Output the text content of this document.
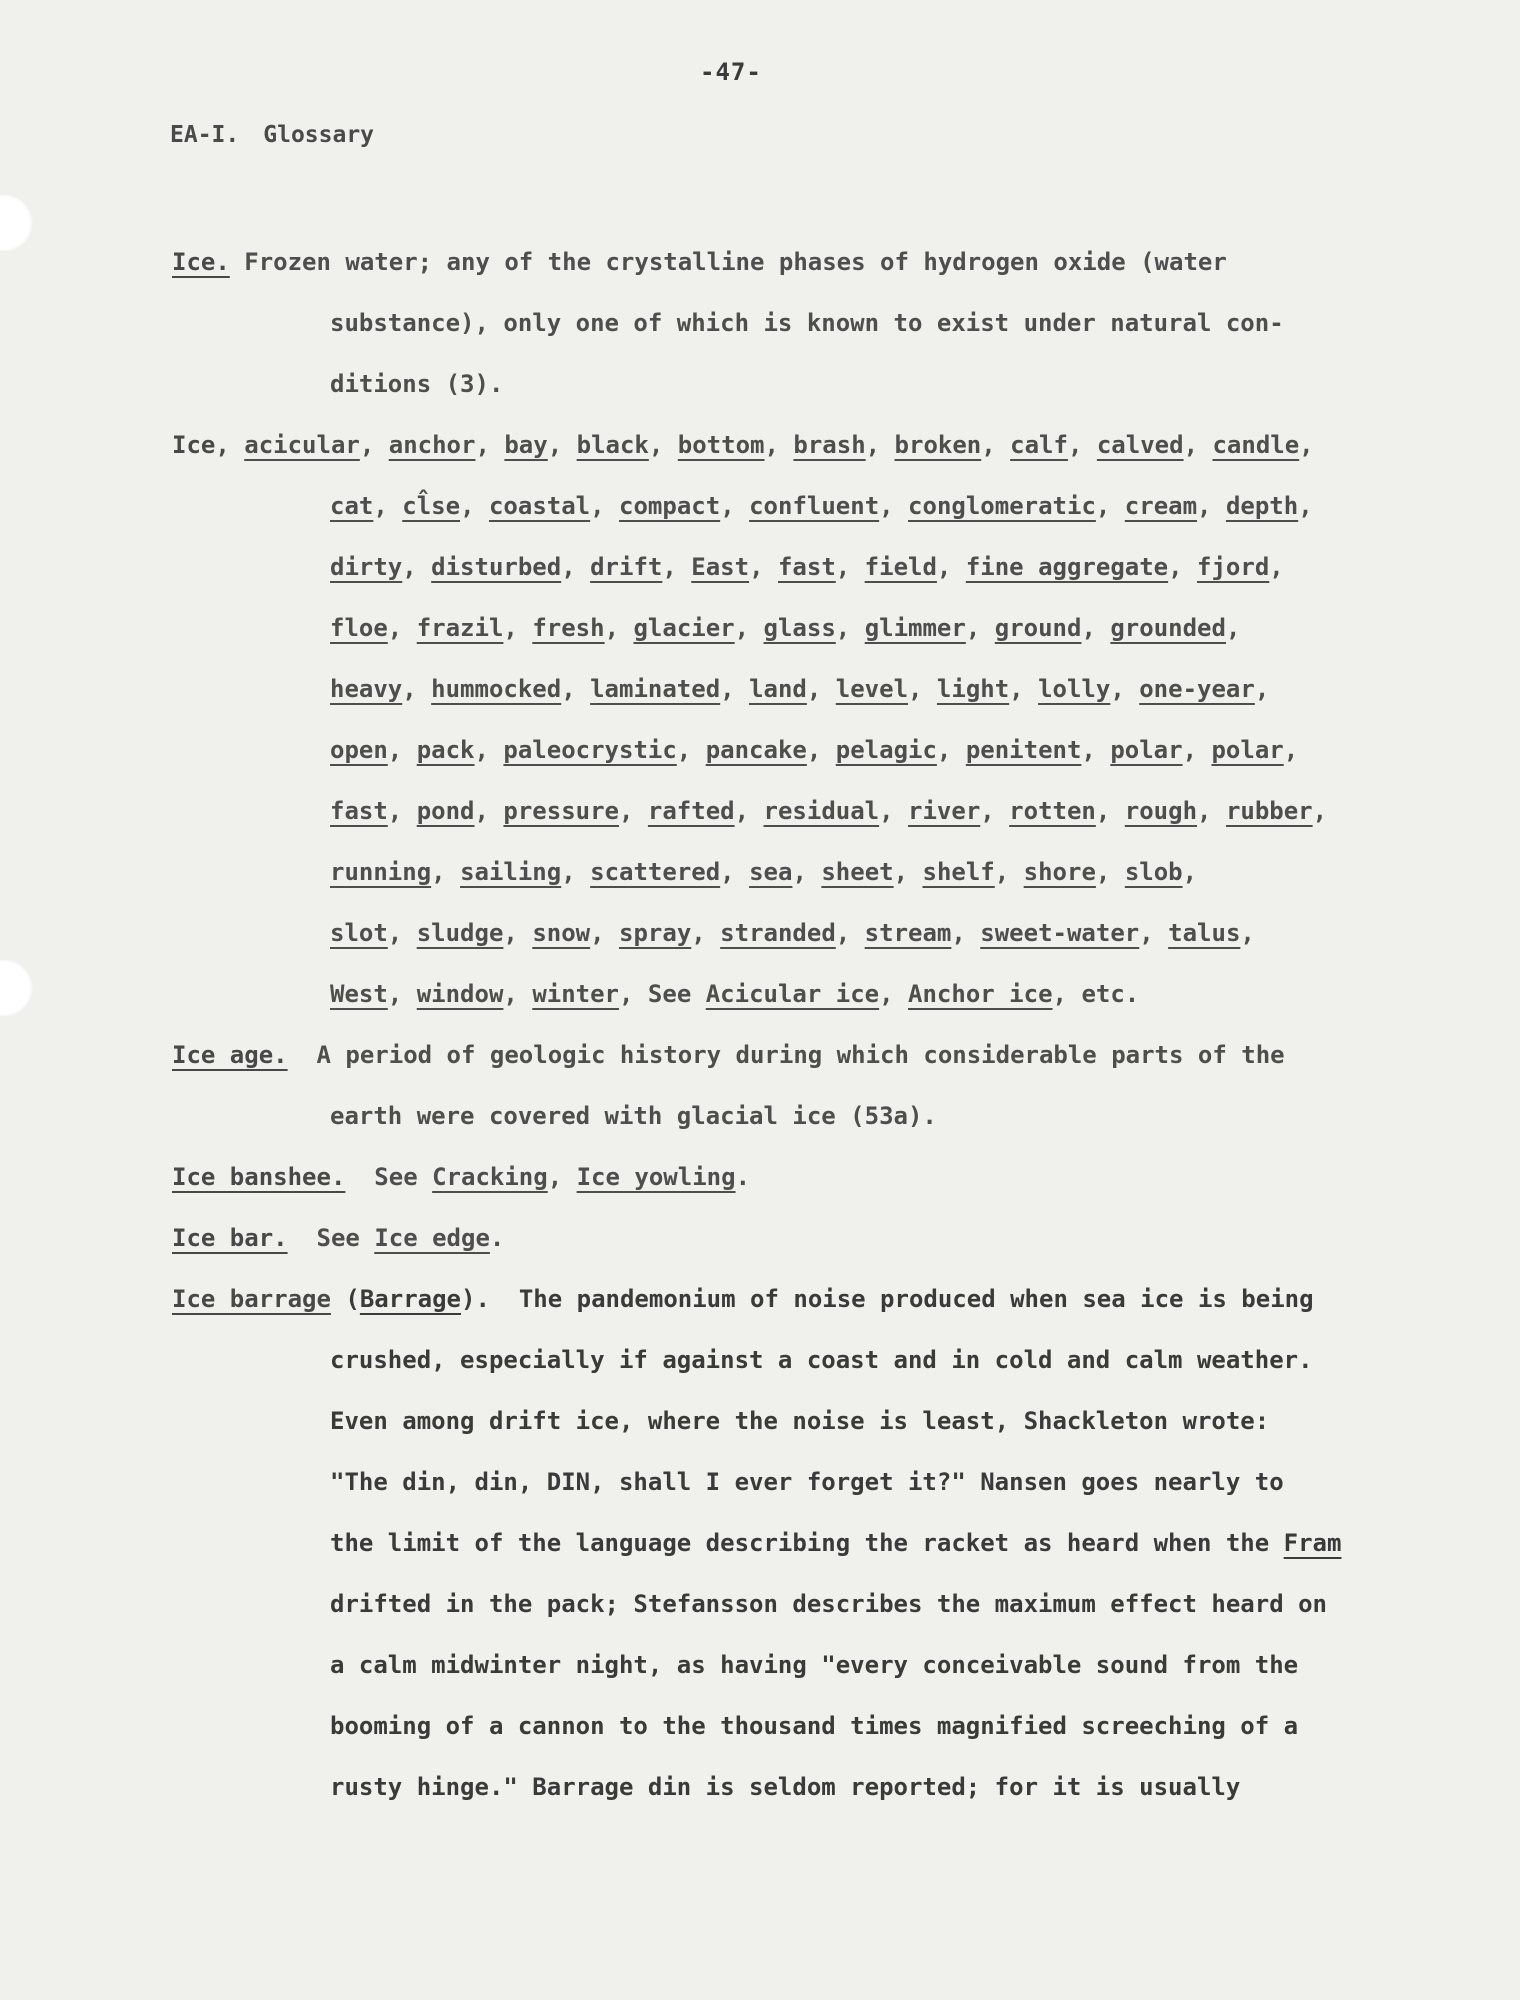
-47-
EA-I. Glossary
Ice. Frozen water; any of the crystalline phases of hydrogen oxide (water
substance), only one of which is known to exist under natural con-
ditions (3).
Ice, acicular, anchor, bay, black, bottom, brash, broken, calf, calved, candle,
cat, cl̂se, coastal, compact, confluent, conglomeratic, cream, depth,
dirty, disturbed, drift, East, fast, field, fine aggregate, fjord,
floe, frazil, fresh, glacier, glass, glimmer, ground, grounded,
heavy, hummocked, laminated, land, level, light, lolly, one-year,
open, pack, paleocrystic, pancake, pelagic, penitent, polar, polar,
fast, pond, pressure, rafted, residual, river, rotten, rough, rubber,
running, sailing, scattered, sea, sheet, shelf, shore, slob,
slot, sludge, snow, spray, stranded, stream, sweet-water, talus,
West, window, winter, See Acicular ice, Anchor ice, etc.
Ice age. A period of geologic history during which considerable parts of the
earth were covered with glacial ice (53a).
Ice banshee. See Cracking, Ice yowling.
Ice bar. See Ice edge.
Ice barrage (Barrage). The pandemonium of noise produced when sea ice is being
crushed, especially if against a coast and in cold and calm weather.
Even among drift ice, where the noise is least, Shackleton wrote:
"The din, din, DIN, shall I ever forget it?" Nansen goes nearly to
the limit of the language describing the racket as heard when the Fram
drifted in the pack; Stefansson describes the maximum effect heard on
a calm midwinter night, as having "every conceivable sound from the
booming of a cannon to the thousand times magnified screeching of a
rusty hinge." Barrage din is seldom reported; for it is usually
